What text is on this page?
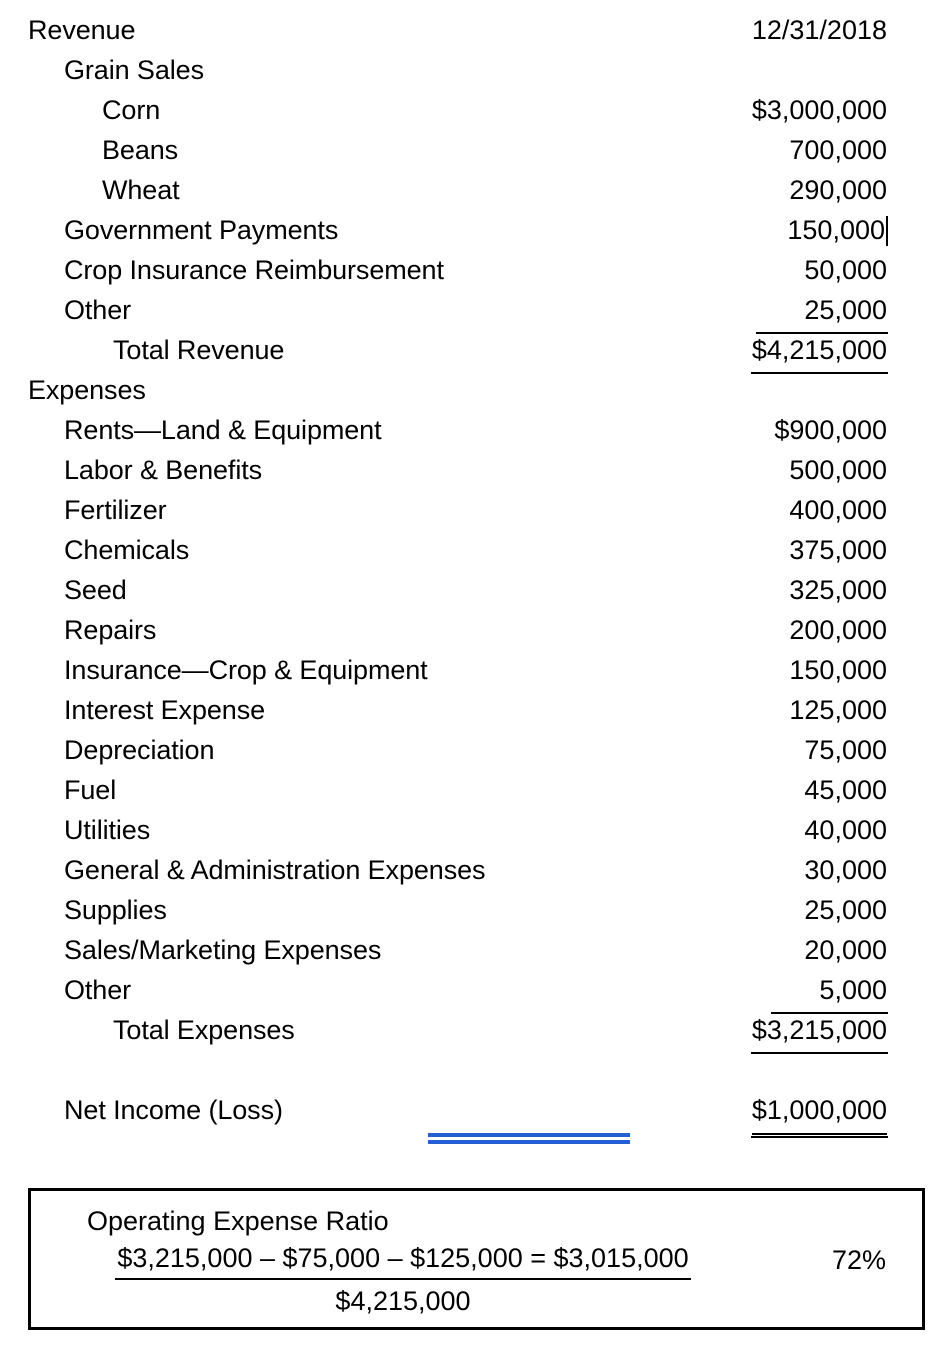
Revenue	12/31/2018
Grain Sales
Corn	$3,000,000
Beans	700,000
Wheat	290,000
Government Payments	150,000
Crop Insurance Reimbursement	50,000
Other	25,000
Total Revenue	$4,215,000
Expenses
Rents—Land & Equipment	$900,000
Labor & Benefits	500,000
Fertilizer	400,000
Chemicals	375,000
Seed	325,000
Repairs	200,000
Insurance—Crop & Equipment	150,000
Interest Expense	125,000
Depreciation	75,000
Fuel	45,000
Utilities	40,000
General & Administration Expenses	30,000
Supplies	25,000
Sales/Marketing Expenses	20,000
Other	5,000
Total Expenses	$3,215,000
Net Income (Loss)	$1,000,000
Operating Expense Ratio
$\frac{\$3,215,000 - \$75,000 - \$125,000 = \$3,015,000}{\$4,215,000}$	72%
